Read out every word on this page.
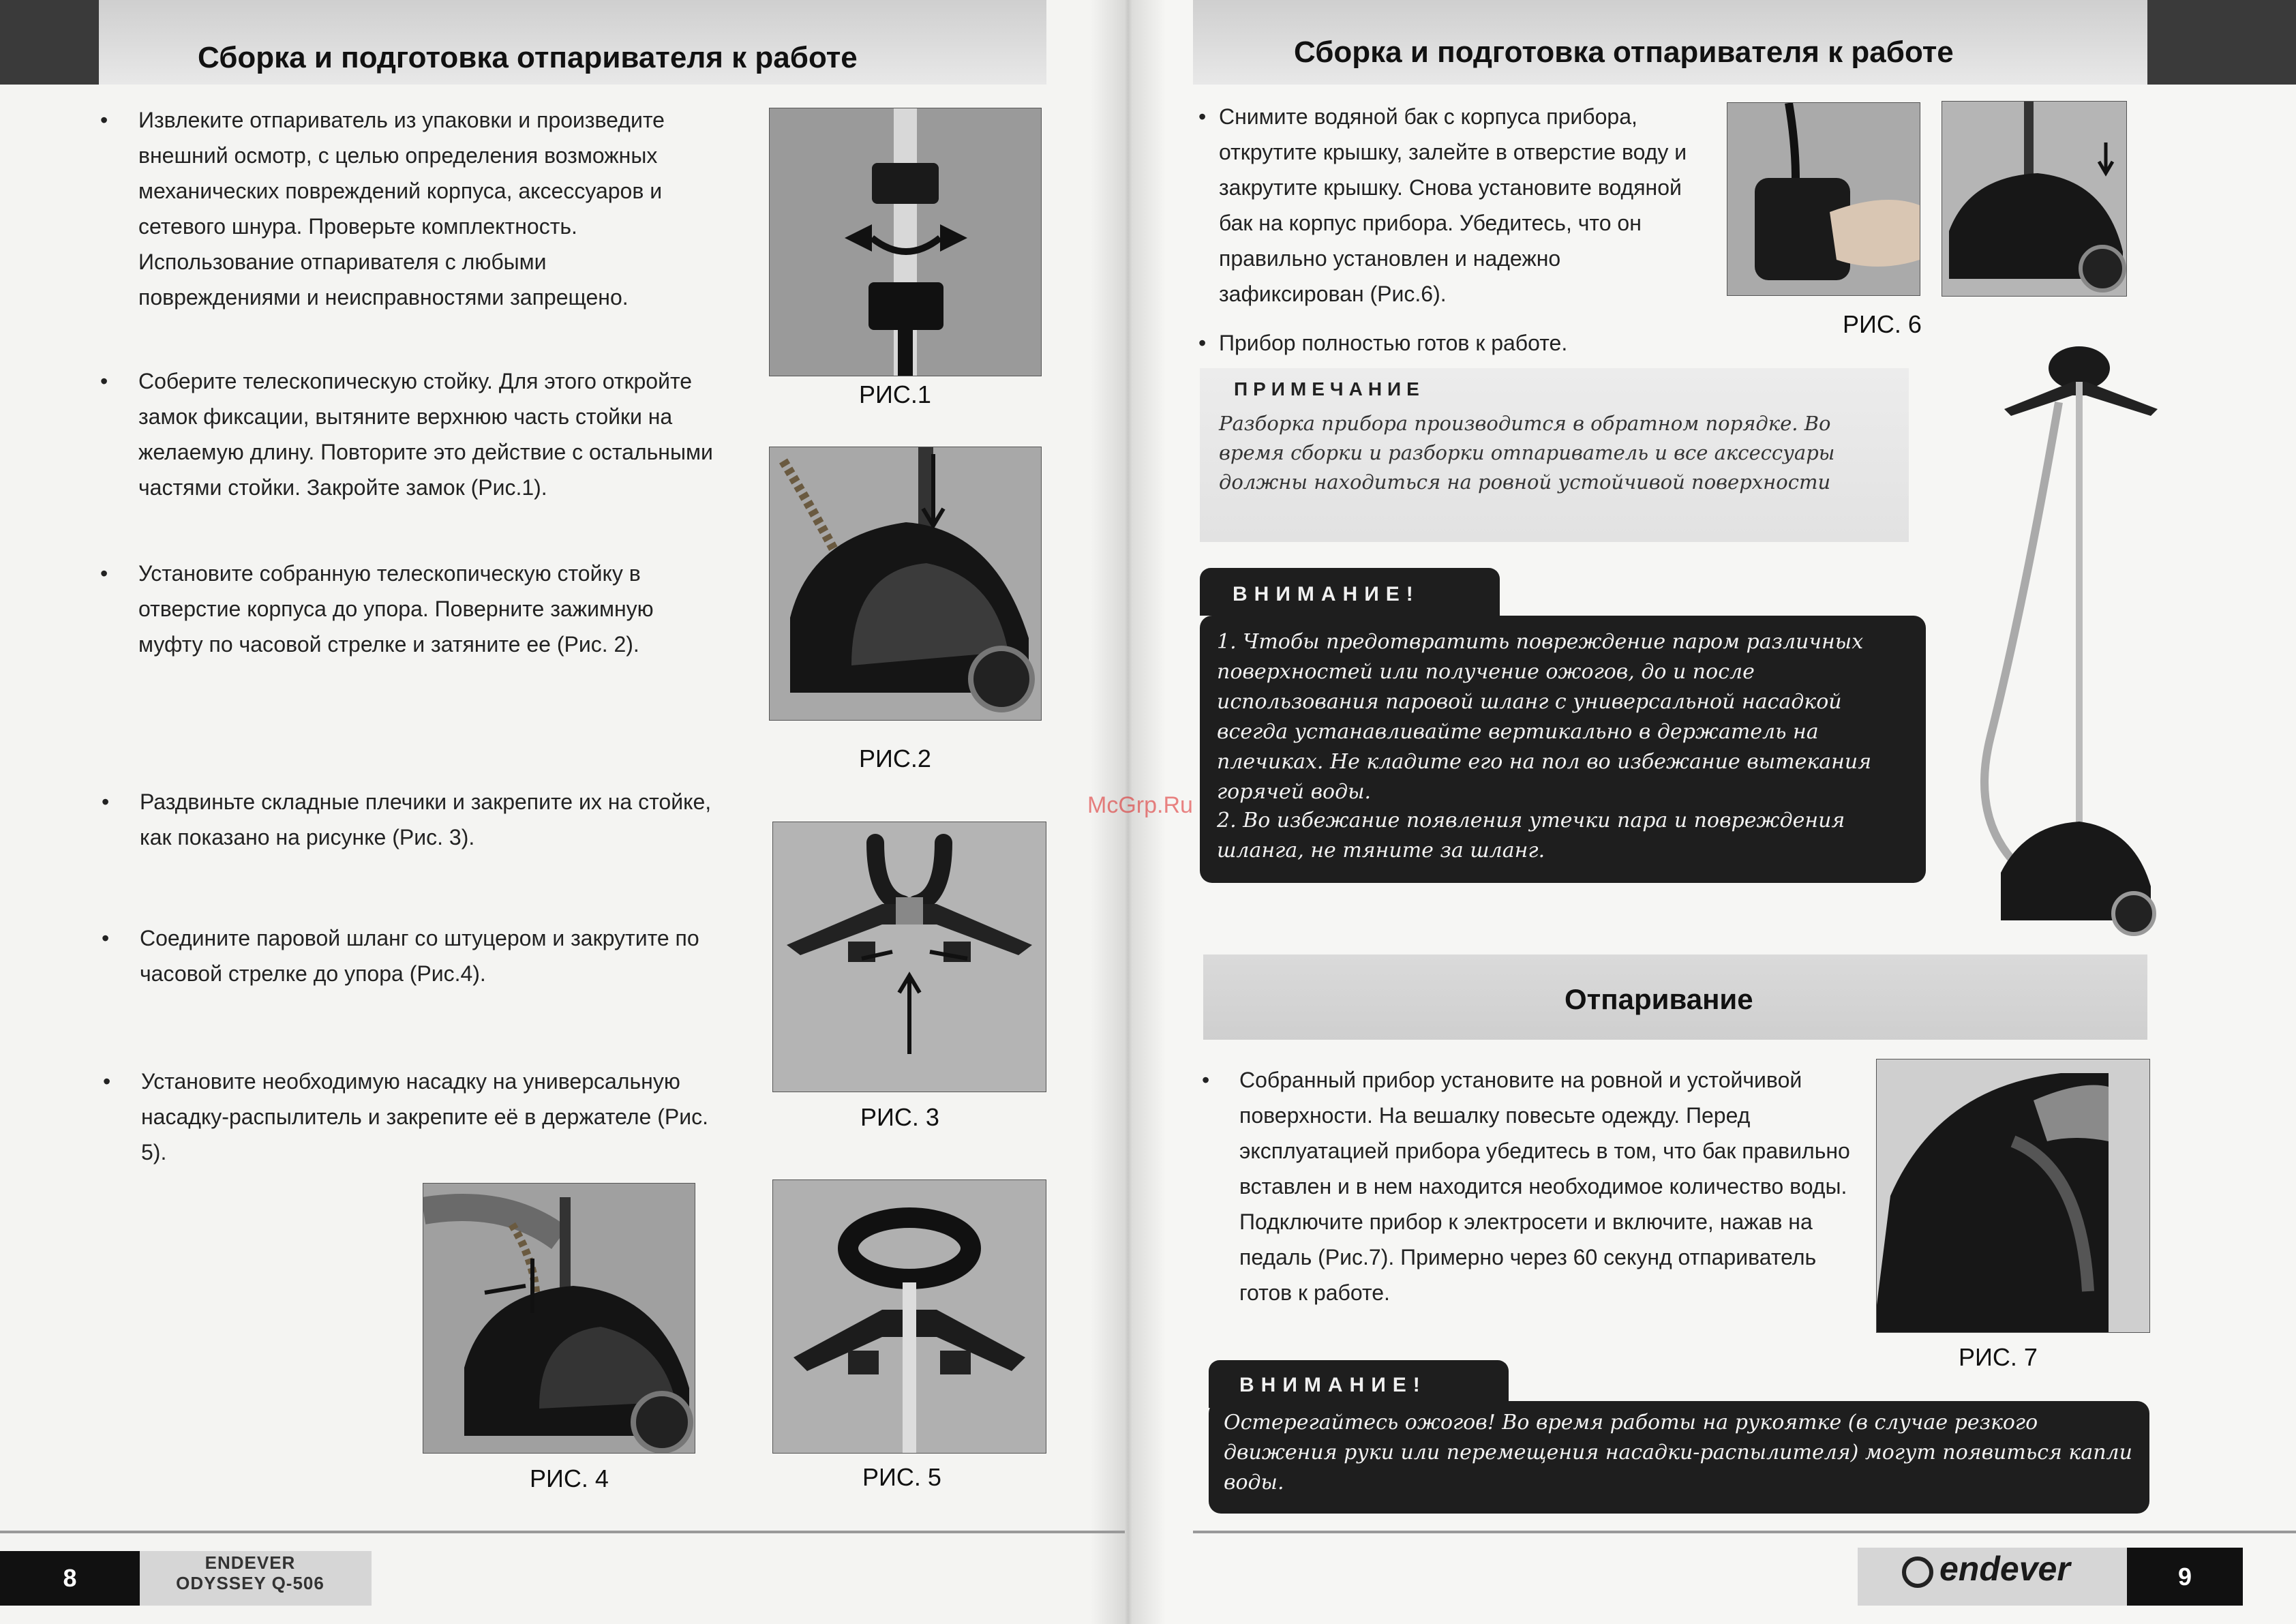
Сборка и подготовка отпаривателя к работе	Сборка и подготовка отпаривателя к работе
• Извлеките отпариватель из упаковки и произведите внешний осмотр, с целью определения возможных механических повреждений корпуса, аксессуаров и сетевого шнура. Проверьте комплектность. Использование отпаривателя с любыми повреждениями и неисправностями запрещено.
• Соберите телескопическую стойку. Для этого откройте замок фиксации, вытяните верхнюю часть стойки на желаемую длину. Повторите это действие с остальными частями стойки. Закройте замок (Рис.1).
• Установите собранную телескопическую стойку в отверстие корпуса до упора. Поверните зажимную муфту по часовой стрелке и затяните ее (Рис. 2).
• Раздвиньте складные плечики и закрепите их на стойке, как показано на рисунке (Рис. 3).
• Соедините паровой шланг со штуцером и закрутите по часовой стрелке до упора (Рис.4).
• Установите необходимую насадку на универсальную насадку-распылитель и закрепите её в держателе (Рис. 5).
РИС.1
РИС.2
РИС. 3
РИС. 4	РИС. 5
• Снимите водяной бак с корпуса прибора, открутите крышку, залейте в отверстие воду и закрутите крышку. Снова установите водяной бак на корпус прибора. Убедитесь, что он правильно установлен и надежно зафиксирован (Рис.6).
• Прибор полностью готов к работе.
РИС. 6
ПРИМЕЧАНИЕ
Разборка прибора производится в обратном порядке. Во время сборки и разборки отпариватель и все аксессуары должны находиться на ровной устойчивой поверхности
ВНИМАНИЕ!
1. Чтобы предотвратить повреждение паром различных поверхностей или получение ожогов, до и после использования паровой шланг с универсальной насадкой всегда устанавливайте вертикально в держатель на плечиках. Не кладите его на пол во избежание вытекания горячей воды.
2. Во избежание появления утечки пара и повреждения шланга, не тяните за шланг.
McGrp.Ru
Отпаривание
• Собранный прибор установите на ровной и устойчивой поверхности. На вешалку повесьте одежду. Перед эксплуатацией прибора убедитесь в том, что бак правильно вставлен и в нем находится необходимое количество воды. Подключите прибор к электросети и включите, нажав на педаль (Рис.7). Примерно через 60 секунд отпариватель готов к работе.
РИС. 7
ВНИМАНИЕ!
Остерегайтесь ожогов! Во время работы на рукоятке (в случае резкого движения руки или перемещения насадки-распылителя) могут появиться капли воды.
8
ENDEVER
ODYSSEY Q-506	endever	9
